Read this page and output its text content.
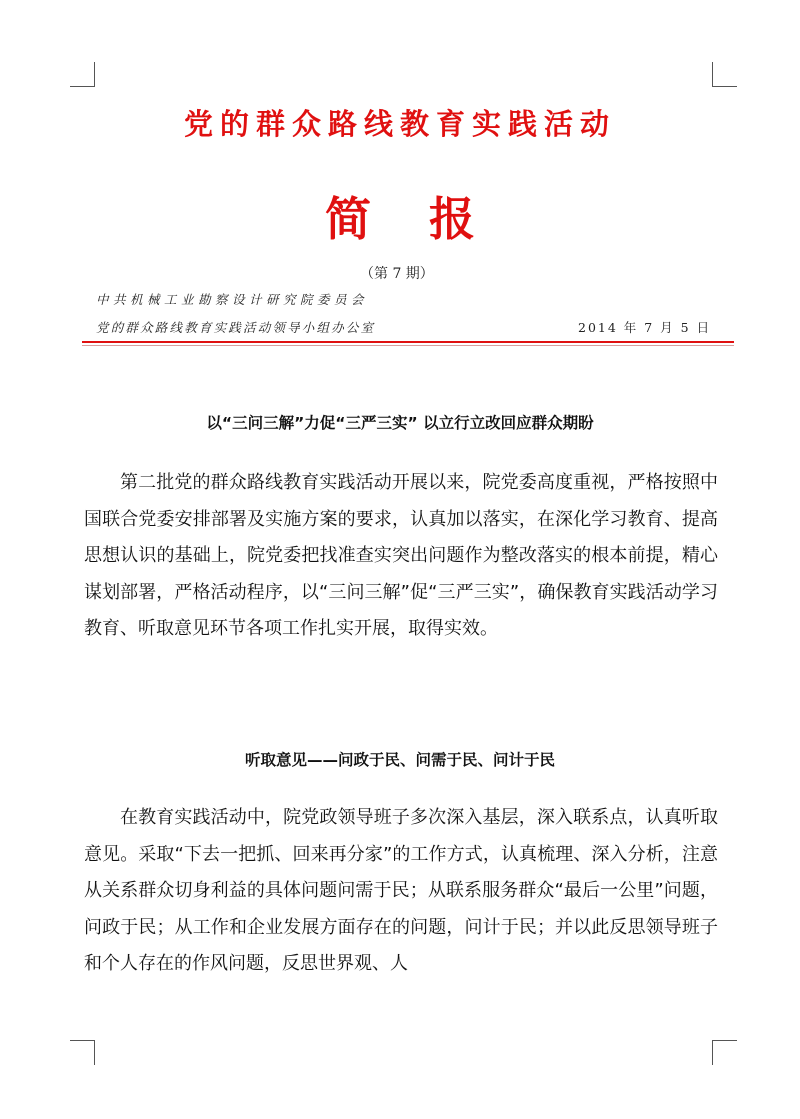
党的群众路线教育实践活动
简报
（第 7 期）
中共机械工业勘察设计研究院委员会
党的群众路线教育实践活动领导小组办公室	2014 年 7 月 5 日
以“三问三解”力促“三严三实” 以立行立改回应群众期盼
第二批党的群众路线教育实践活动开展以来，院党委高度重视，严格按照中国联合党委安排部署及实施方案的要求，认真加以落实，在深化学习教育、提高思想认识的基础上，院党委把找准查实突出问题作为整改落实的根本前提，精心谋划部署，严格活动程序，以“三问三解”促“三严三实”，确保教育实践活动学习教育、听取意见环节各项工作扎实开展，取得实效。
听取意见——问政于民、问需于民、问计于民
在教育实践活动中，院党政领导班子多次深入基层，深入联系点，认真听取意见。采取“下去一把抓、回来再分家”的工作方式，认真梳理、深入分析，注意从关系群众切身利益的具体问题问需于民；从联系服务群众“最后一公里”问题，问政于民；从工作和企业发展方面存在的问题，问计于民；并以此反思领导班子和个人存在的作风问题，反思世界观、人
